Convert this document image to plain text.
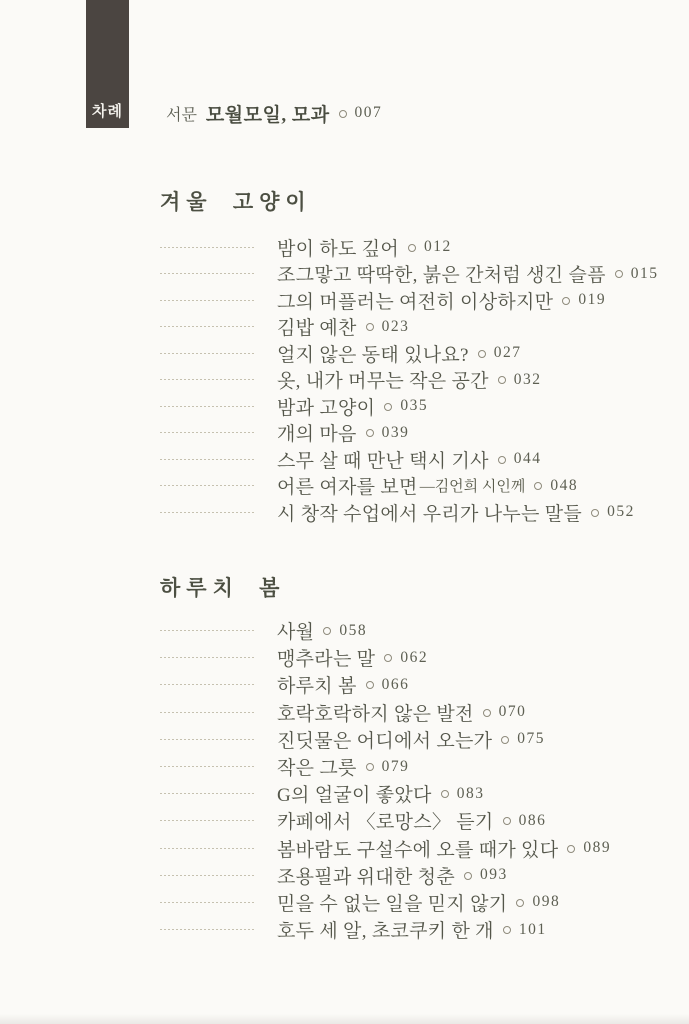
차례	서문 모월모일, 모과 007
겨울 고양이
밤이 하도 깊어 012
조그맣고 딱딱한, 붉은 간처럼 생긴 슬픔 015
그의 머플러는 여전히 이상하지만 019
김밥 예찬 023
얼지 않은 동태 있나요? 027
옷, 내가 머무는 작은 공간 032
밤과 고양이 035
개의 마음 039
스무 살 때 만난 택시 기사 044
어른 여자를 보면 —김언희 시인께 048
시 창작 수업에서 우리가 나누는 말들 052
하루치 봄
사월 058
맹추라는 말 062
하루치 봄 066
호락호락하지 않은 발전 070
진딧물은 어디에서 오는가 075
작은 그릇 079
G의 얼굴이 좋았다 083
카페에서 〈로망스〉 듣기 086
봄바람도 구설수에 오를 때가 있다 089
조용필과 위대한 청춘 093
믿을 수 없는 일을 믿지 않기 098
호두 세 알, 초코쿠키 한 개 101
